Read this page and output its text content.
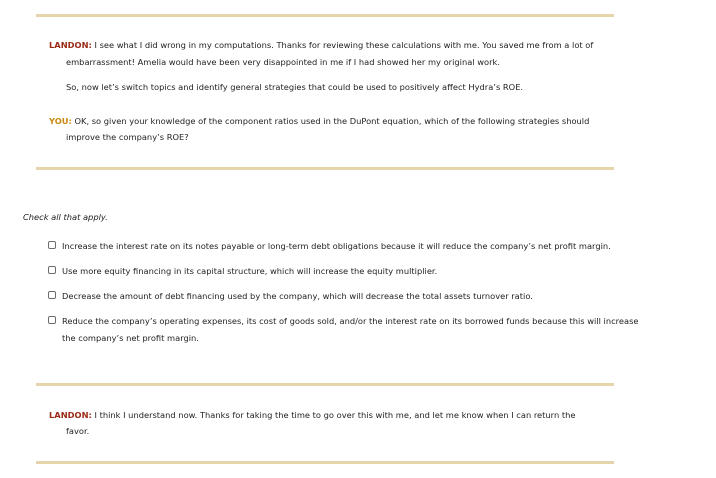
LANDON: I see what I did wrong in my computations. Thanks for reviewing these calculations with me. You saved me from a lot of

embarrassment! Amelia would have been very disappointed in me if I had showed her my original work.

So, now let’s switch topics and identify general strategies that could be used to positively affect Hydra’s ROE.

YOU: OK, so given your knowledge of the component ratios used in the DuPont equation, which of the following strategies should

improve the company’s ROE?

Check all that apply.
Increase the interest rate on its notes payable or long-term debt obligations because it will reduce the company’s net profit margin.
Use more equity financing in its capital structure, which will increase the equity multiplier.
Decrease the amount of debt financing used by the company, which will decrease the total assets turnover ratio.
Reduce the company’s operating expenses, its cost of goods sold, and/or the interest rate on its borrowed funds because this will increase
the company’s net profit margin.

LANDON: I think I understand now. Thanks for taking the time to go over this with me, and let me know when I can return the

favor.
